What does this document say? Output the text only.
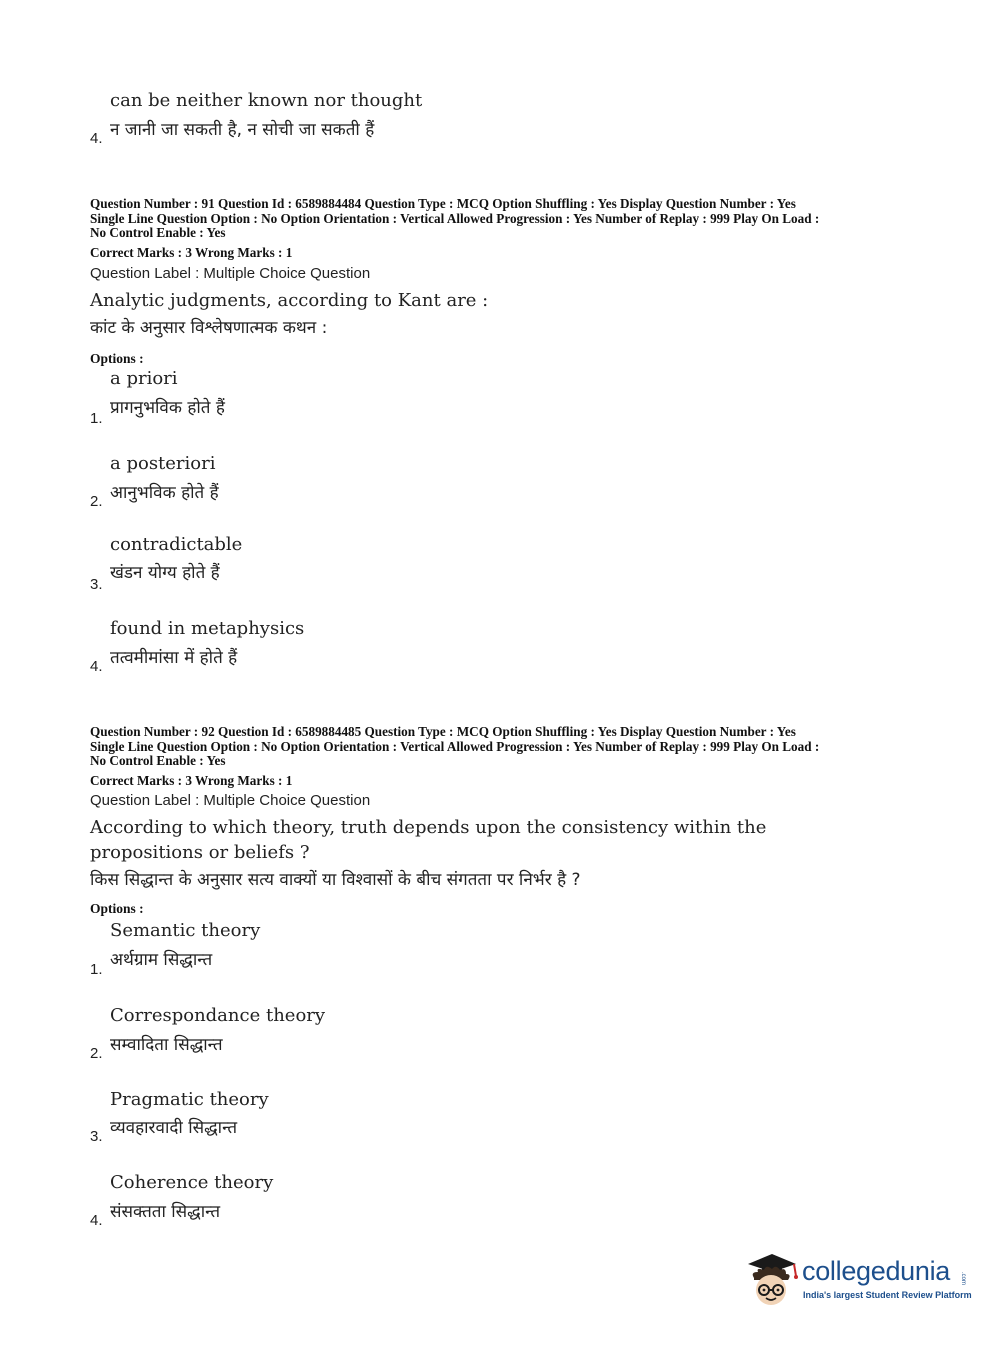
can be neither known nor thought
न जानी जा सकती है, न सोची जा सकती हैं
4.
Question Number : 91 Question Id : 6589884484 Question Type : MCQ Option Shuffling : Yes Display Question Number : Yes
Single Line Question Option : No Option Orientation : Vertical Allowed Progression : Yes Number of Replay : 999 Play On Load :
No Control Enable : Yes
Correct Marks : 3 Wrong Marks : 1
Question Label : Multiple Choice Question
Analytic judgments, according to Kant are :
कांट के अनुसार विश्लेषणात्मक कथन :
Options :
a priori
प्रागनुभविक होते हैं
1.
a posteriori
आनुभविक होते हैं
2.
contradictable
खंडन योग्य होते हैं
3.
found in metaphysics
तत्वमीमांसा में होते हैं
4.
Question Number : 92 Question Id : 6589884485 Question Type : MCQ Option Shuffling : Yes Display Question Number : Yes
Single Line Question Option : No Option Orientation : Vertical Allowed Progression : Yes Number of Replay : 999 Play On Load :
No Control Enable : Yes
Correct Marks : 3 Wrong Marks : 1
Question Label : Multiple Choice Question
According to which theory, truth depends upon the consistency within the
propositions or beliefs ?
किस सिद्धान्त के अनुसार सत्य वाक्यों या विश्वासों के बीच संगतता पर निर्भर है ?
Options :
Semantic theory
अर्थग्राम सिद्धान्त
1.
Correspondance theory
सम्वादिता सिद्धान्त
2.
Pragmatic theory
व्यवहारवादी सिद्धान्त
3.
Coherence theory
संसक्तता सिद्धान्त
4.
collegedunia .com
India's largest Student Review Platform
